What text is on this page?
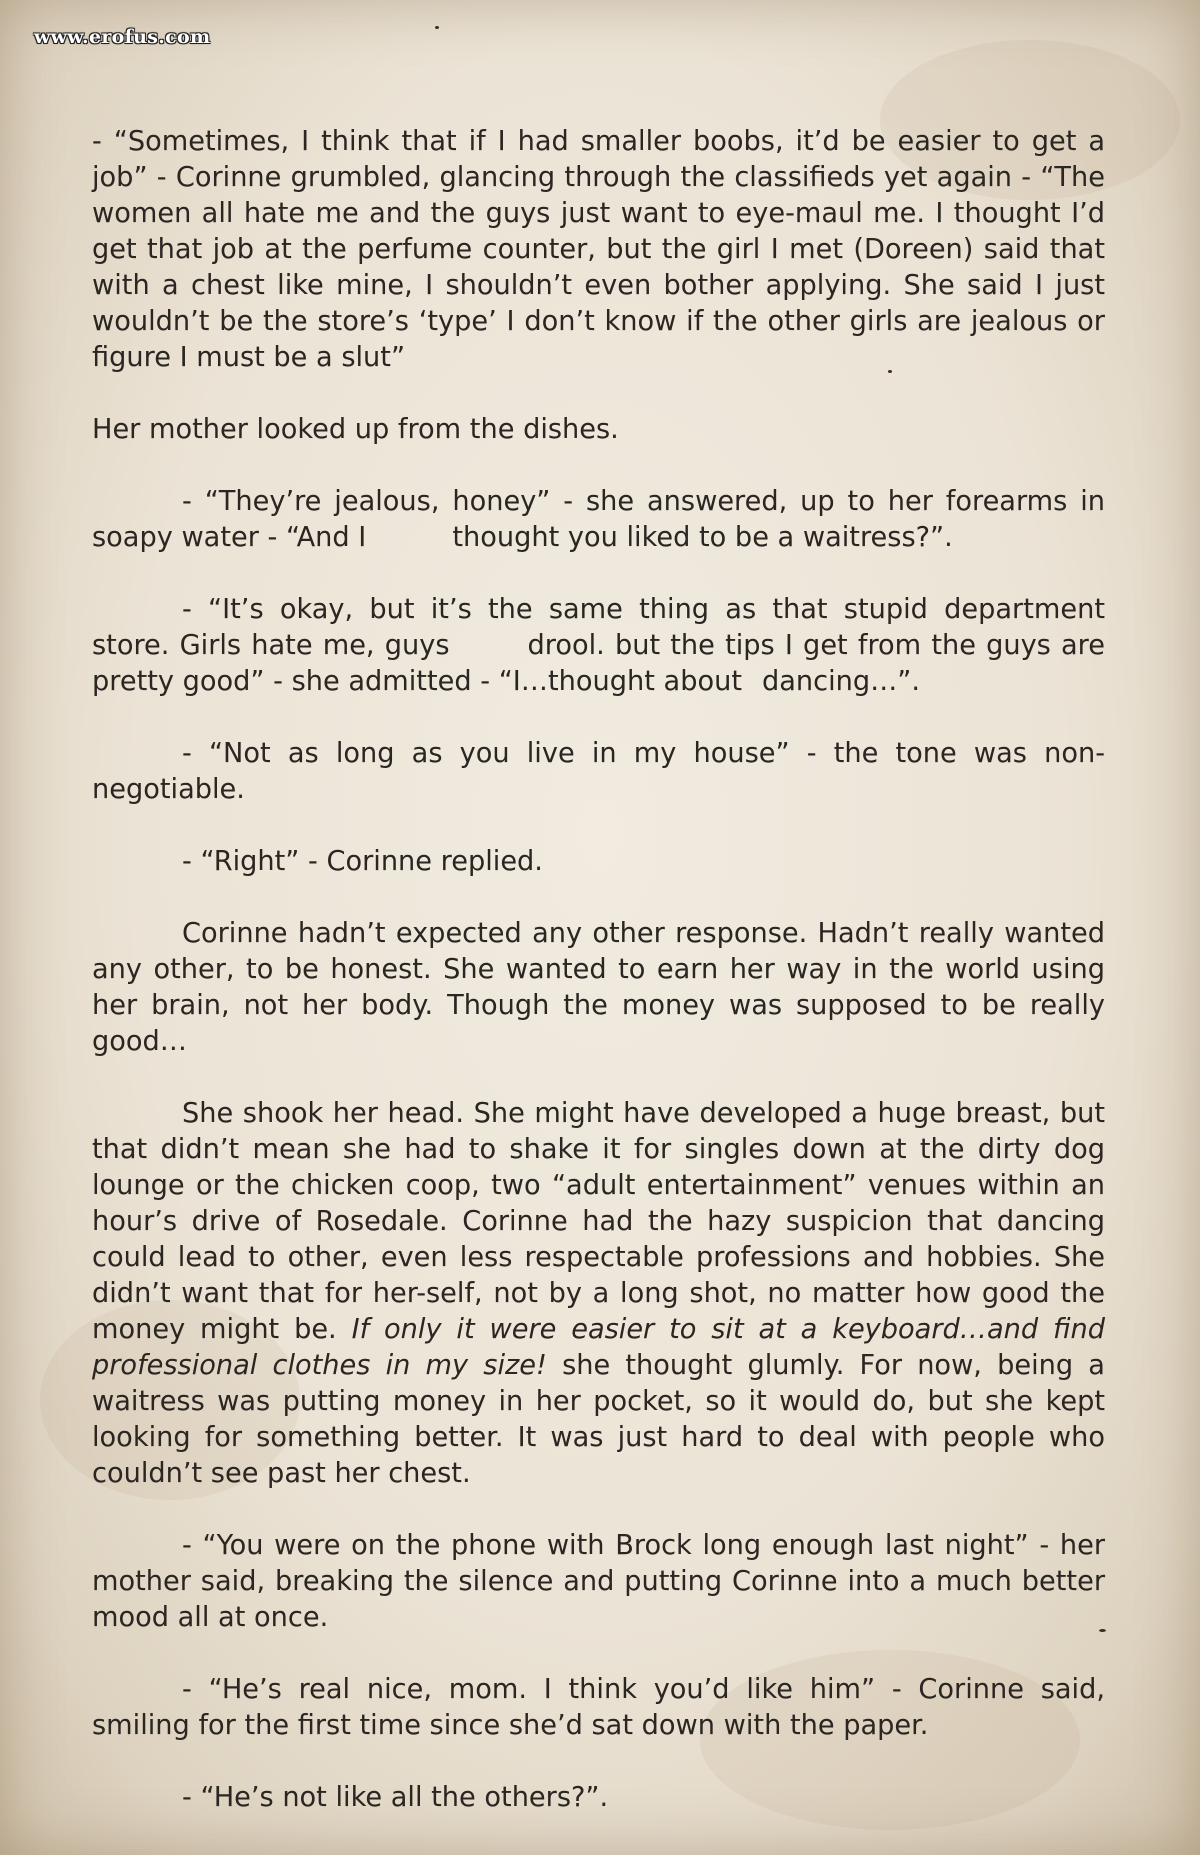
www.erofus.com

- “Sometimes, I think that if I had smaller boobs, it’d be easier to get a job” - Corinne grumbled, glancing through the classifieds yet again - “The women all hate me and the guys just want to eye-maul me. I thought I’d get that job at the perfume counter, but the girl I met (Doreen) said that with a chest like mine, I shouldn’t even bother applying. She said I just wouldn’t be the store’s ‘type’ I don’t know if the other girls are jealous or figure I must be a slut”

Her mother looked up from the dishes.

- “They’re jealous, honey” - she answered, up to her forearms in soapy water - “And I	thought you liked to be a waitress?”.

- “It’s okay, but it’s the same thing as that stupid department store. Girls hate me, guys	drool. but the tips I get from the guys are pretty good” - she admitted - “I…thought about dancing…”.

- “Not as long as you live in my house” - the tone was non-negotiable.

- “Right” - Corinne replied.

Corinne hadn’t expected any other response. Hadn’t really wanted any other, to be honest. She wanted to earn her way in the world using her brain, not her body. Though the money was supposed to be really good…

She shook her head. She might have developed a huge breast, but that didn’t mean she had to shake it for singles down at the dirty dog lounge or the chicken coop, two “adult entertainment” venues within an hour’s drive of Rosedale. Corinne had the hazy suspicion that dancing could lead to other, even less respectable professions and hobbies. She didn’t want that for her-self, not by a long shot, no matter how good the money might be. If only it were easier to sit at a keyboard…and find professional clothes in my size! she thought glumly. For now, being a waitress was putting money in her pocket, so it would do, but she kept looking for something better. It was just hard to deal with people who couldn’t see past her chest.

- “You were on the phone with Brock long enough last night” - her mother said, breaking the silence and putting Corinne into a much better mood all at once.

- “He’s real nice, mom. I think you’d like him” - Corinne said, smiling for the first time since she’d sat down with the paper.

- “He’s not like all the others?”.
